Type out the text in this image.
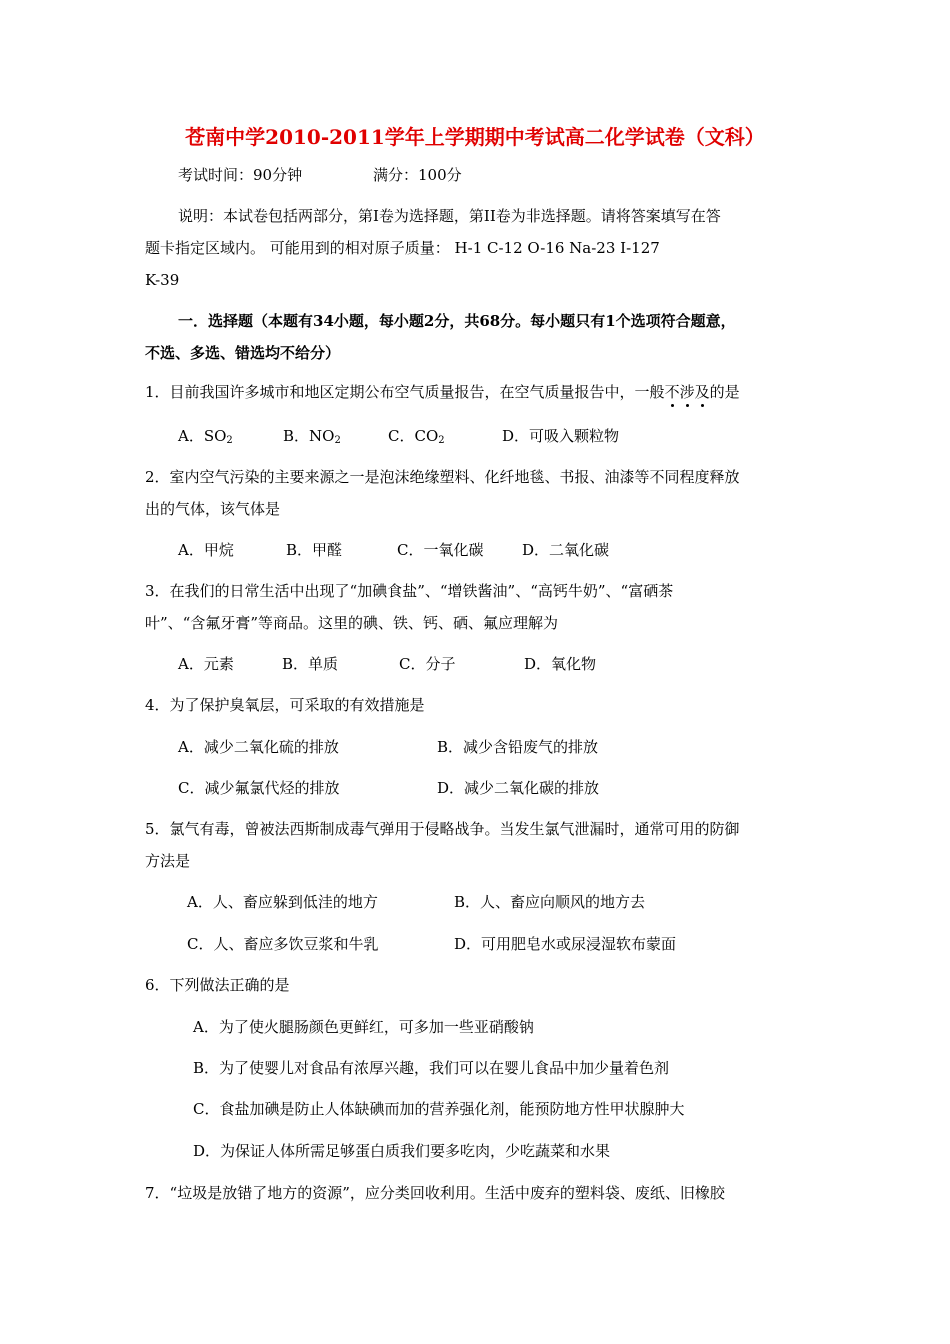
苍南中学2010-2011学年上学期期中考试高二化学试卷（文科）
考试时间：90分钟	满分：100分
说明：本试卷包括两部分，第Ⅰ卷为选择题，第II卷为非选择题。请将答案填写在答
题卡指定区域内。 可能用到的相对原子质量： H-1 C-12 O-16 Na-23 I-127
K-39
一．选择题（本题有34小题，每小题2分，共68分。每小题只有1个选项符合题意，
不选、多选、错选均不给分）
1．目前我国许多城市和地区定期公布空气质量报告，在空气质量报告中，一般不涉及的是
A．$SO_2$	B．$NO_2$	C．$CO_2$	D．可吸入颗粒物
2．室内空气污染的主要来源之一是泡沫绝缘塑料、化纤地毯、书报、油漆等不同程度释放
出的气体，该气体是
A．甲烷	B．甲醛	C．一氧化碳	D．二氧化碳
3．在我们的日常生活中出现了“加碘食盐”、“增铁酱油”、“高钙牛奶”、“富硒茶
叶”、“含氟牙膏”等商品。这里的碘、铁、钙、硒、氟应理解为
A．元素	B．单质	C．分子	D．氧化物
4．为了保护臭氧层，可采取的有效措施是
A．减少二氧化硫的排放	B．减少含铅废气的排放
C．减少氟氯代烃的排放	D．减少二氧化碳的排放
5．氯气有毒，曾被法西斯制成毒气弹用于侵略战争。当发生氯气泄漏时，通常可用的防御
方法是
A．人、畜应躲到低洼的地方	B．人、畜应向顺风的地方去
C．人、畜应多饮豆浆和牛乳	D．可用肥皂水或尿浸湿软布蒙面
6．下列做法正确的是
A．为了使火腿肠颜色更鲜红，可多加一些亚硝酸钠
B．为了使婴儿对食品有浓厚兴趣，我们可以在婴儿食品中加少量着色剂
C．食盐加碘是防止人体缺碘而加的营养强化剂，能预防地方性甲状腺肿大
D．为保证人体所需足够蛋白质我们要多吃肉，少吃蔬菜和水果
7．“垃圾是放错了地方的资源”，应分类回收利用。生活中废弃的塑料袋、废纸、旧橡胶
